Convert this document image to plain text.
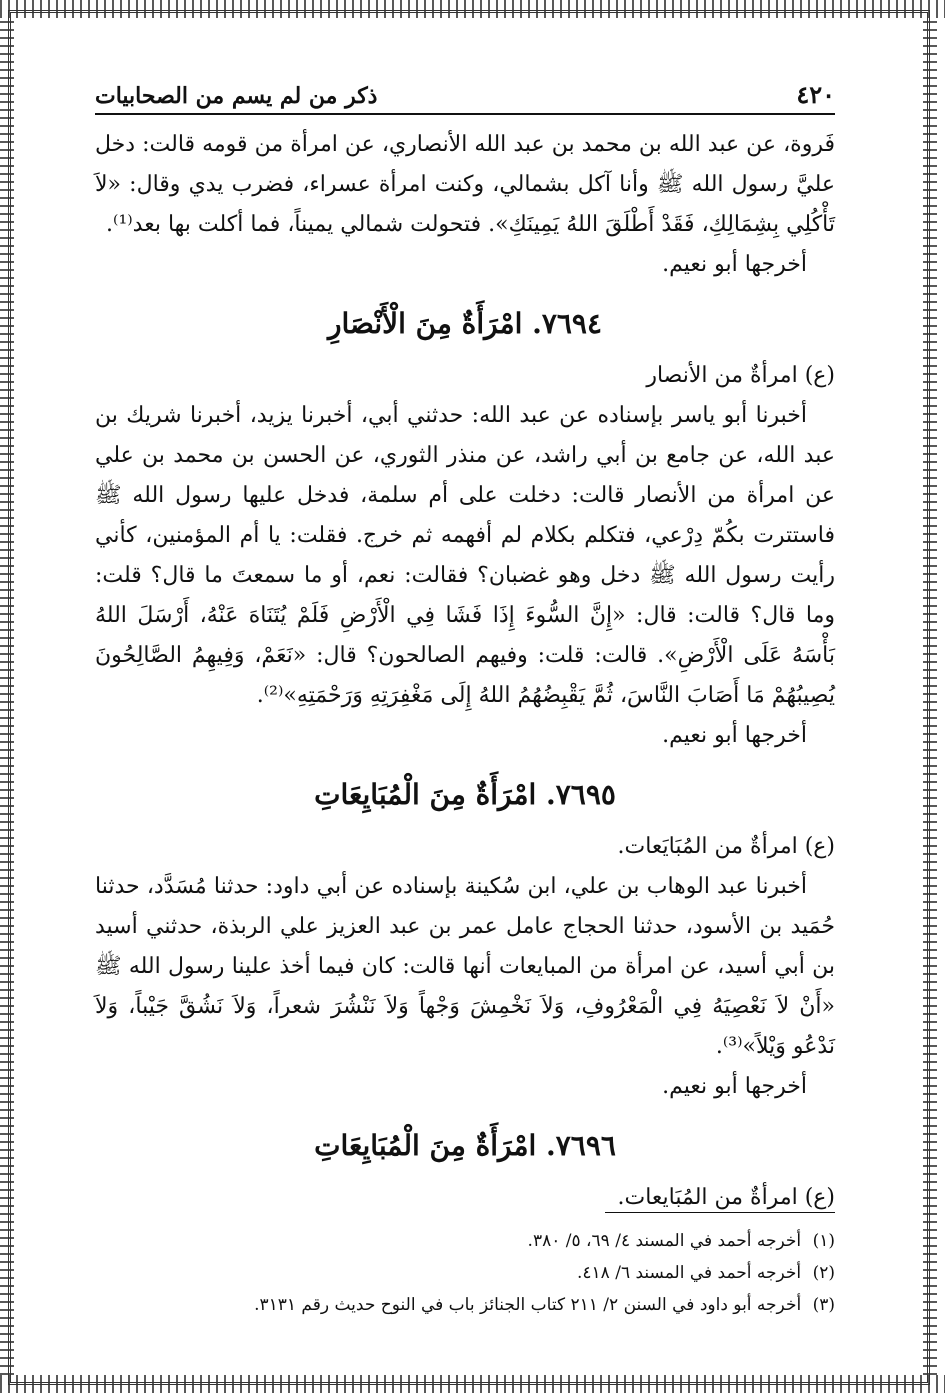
٤٢٠
ذكر من لم يسم من الصحابيات

فَروة، عن عبد الله بن محمد بن عبد الله الأنصاري، عن امرأة من قومه قالت: دخل عليَّ رسول الله ﷺ وأنا آكل بشمالي، وكنت امرأة عسراء، فضرب يدي وقال: «لاَ تَأْكُلِي بِشِمَالِكِ، فَقَدْ أَطْلَقَ اللهُ يَمِينَكِ». فتحولت شمالي يميناً، فما أكلت بها بعد⁽¹⁾.

أخرجها أبو نعيم.

٧٦٩٤. امْرَأَةٌ مِنَ الْأَنْصَارِ

(ع) امرأةٌ من الأنصار

أخبرنا أبو ياسر بإسناده عن عبد الله: حدثني أبي، أخبرنا يزيد، أخبرنا شريك بن عبد الله، عن جامع بن أبي راشد، عن منذر الثوري، عن الحسن بن محمد بن علي عن امرأة من الأنصار قالت: دخلت على أم سلمة، فدخل عليها رسول الله ﷺ فاستترت بكُمّ دِرْعي، فتكلم بكلام لم أفهمه ثم خرج. فقلت: يا أم المؤمنين، كأني رأيت رسول الله ﷺ دخل وهو غضبان؟ فقالت: نعم، أو ما سمعتَ ما قال؟ قلت: وما قال؟ قالت: قال: «إِنَّ السُّوءَ إِذَا فَشَا فِي الْأَرْضِ فَلَمْ يُتَنَاهَ عَنْهُ، أَرْسَلَ اللهُ بَأْسَهُ عَلَى الْأَرْضِ». قالت: قلت: وفيهم الصالحون؟ قال: «نَعَمْ، وَفِيهِمُ الصَّالِحُونَ يُصِيبُهُمْ مَا أَصَابَ النَّاسَ، ثُمَّ يَقْبِضُهُمُ اللهُ إِلَى مَغْفِرَتِهِ وَرَحْمَتِهِ»⁽²⁾.

أخرجها أبو نعيم.

٧٦٩٥. امْرَأَةٌ مِنَ الْمُبَايِعَاتِ

(ع) امرأةٌ من المُبَايَعات.

أخبرنا عبد الوهاب بن علي، ابن سُكينة بإسناده عن أبي داود: حدثنا مُسَدَّد، حدثنا حُمَيد بن الأسود، حدثنا الحجاج عامل عمر بن عبد العزيز علي الربذة، حدثني أسيد بن أبي أسيد، عن امرأة من المبايعات أنها قالت: كان فيما أخذ علينا رسول الله ﷺ «أَنْ لاَ نَعْصِيَهُ فِي الْمَعْرُوفِ، وَلاَ نَخْمِشَ وَجْهاً وَلاَ نَنْشُرَ شعراً، وَلاَ نَشُقَّ جَيْباً، وَلاَ نَدْعُو وَيْلاً»⁽³⁾.

أخرجها أبو نعيم.

٧٦٩٦. امْرَأَةٌ مِنَ الْمُبَايِعَاتِ

(ع) امرأةٌ من المُبَايعات.

(١) أخرجه أحمد في المسند ٤/ ٦٩، ٥/ ٣٨٠.

(٢) أخرجه أحمد في المسند ٦/ ٤١٨.

(٣) أخرجه أبو داود في السنن ٢/ ٢١١ كتاب الجنائز باب في النوح حديث رقم ٣١٣١.
